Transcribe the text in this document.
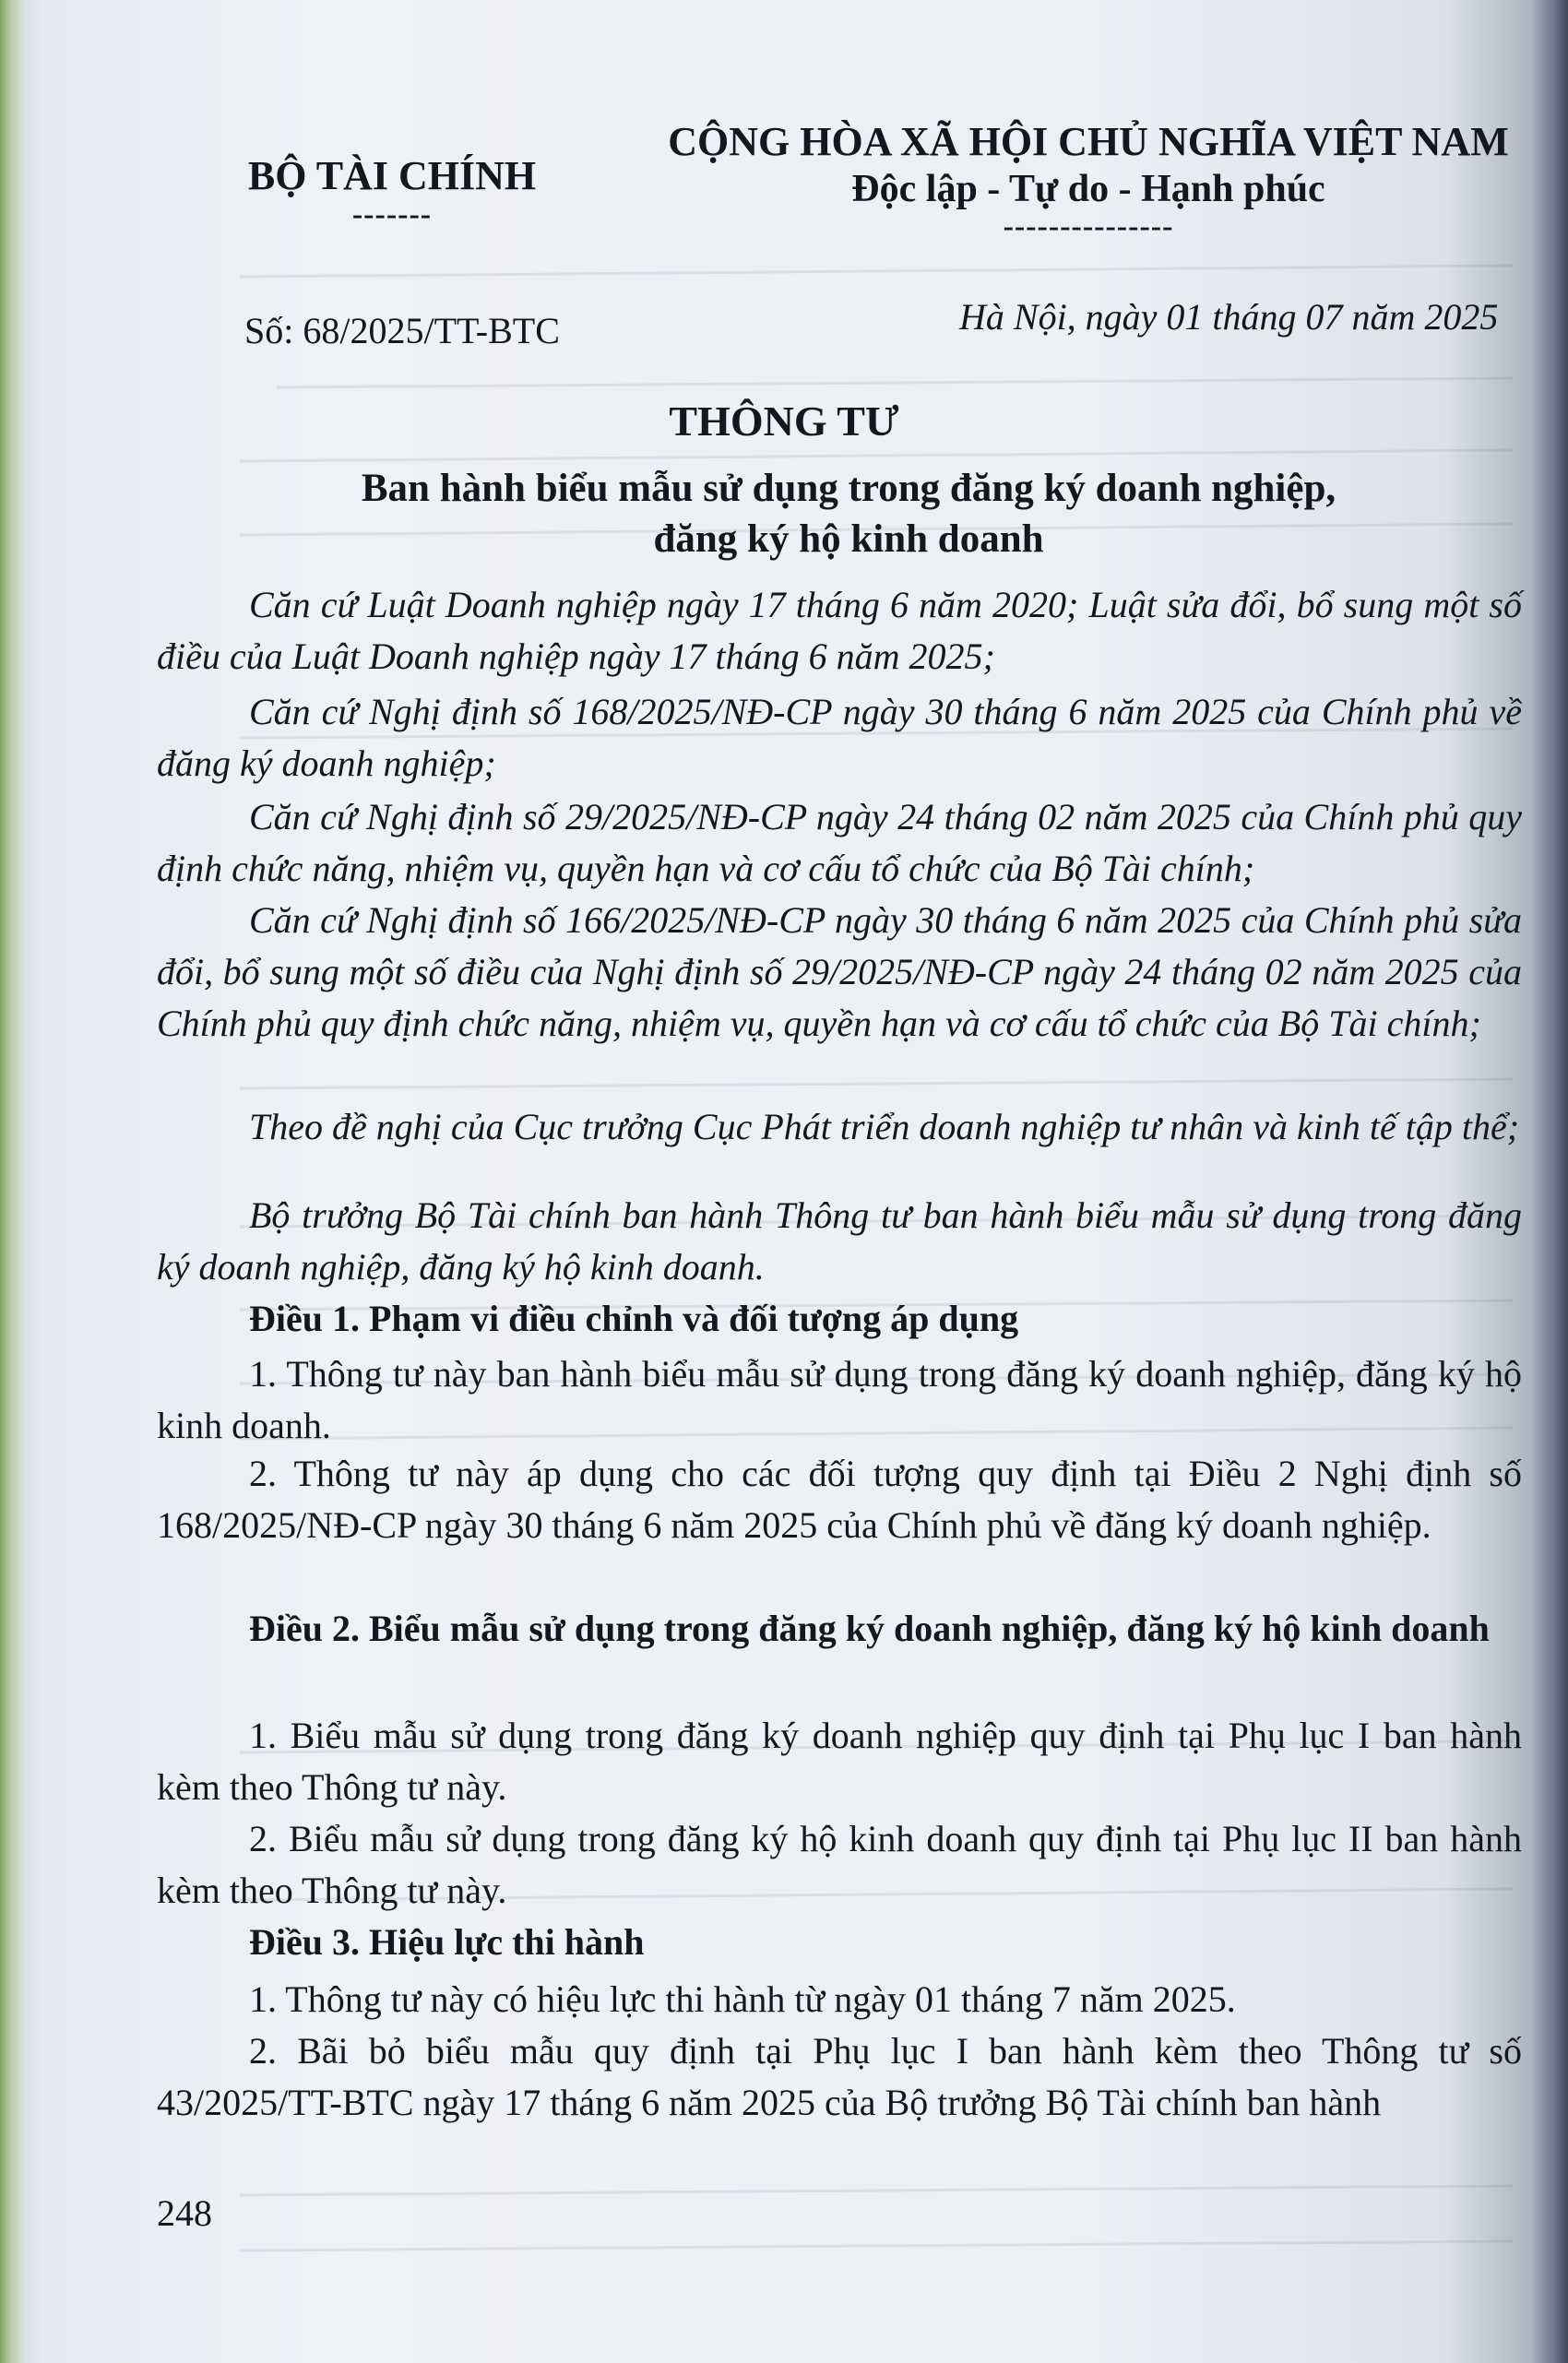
BỘ TÀI CHÍNH
-------
CỘNG HÒA XÃ HỘI CHỦ NGHĨA VIỆT NAM
Độc lập - Tự do - Hạnh phúc
---------------
Số: 68/2025/TT-BTC	Hà Nội, ngày 01 tháng 07 năm 2025
THÔNG TƯ
Ban hành biểu mẫu sử dụng trong đăng ký doanh nghiệp,
đăng ký hộ kinh doanh
Căn cứ Luật Doanh nghiệp ngày 17 tháng 6 năm 2020; Luật sửa đổi, bổ sung một số điều của Luật Doanh nghiệp ngày 17 tháng 6 năm 2025;
Căn cứ Nghị định số 168/2025/NĐ-CP ngày 30 tháng 6 năm 2025 của Chính phủ về đăng ký doanh nghiệp;
Căn cứ Nghị định số 29/2025/NĐ-CP ngày 24 tháng 02 năm 2025 của Chính phủ quy định chức năng, nhiệm vụ, quyền hạn và cơ cấu tổ chức của Bộ Tài chính;
Căn cứ Nghị định số 166/2025/NĐ-CP ngày 30 tháng 6 năm 2025 của Chính phủ sửa đổi, bổ sung một số điều của Nghị định số 29/2025/NĐ-CP ngày 24 tháng 02 năm 2025 của Chính phủ quy định chức năng, nhiệm vụ, quyền hạn và cơ cấu tổ chức của Bộ Tài chính;
Theo đề nghị của Cục trưởng Cục Phát triển doanh nghiệp tư nhân và kinh tế tập thể;
Bộ trưởng Bộ Tài chính ban hành Thông tư ban hành biểu mẫu sử dụng trong đăng ký doanh nghiệp, đăng ký hộ kinh doanh.
Điều 1. Phạm vi điều chỉnh và đối tượng áp dụng
1. Thông tư này ban hành biểu mẫu sử dụng trong đăng ký doanh nghiệp, đăng ký hộ kinh doanh.
2. Thông tư này áp dụng cho các đối tượng quy định tại Điều 2 Nghị định số 168/2025/NĐ-CP ngày 30 tháng 6 năm 2025 của Chính phủ về đăng ký doanh nghiệp.
Điều 2. Biểu mẫu sử dụng trong đăng ký doanh nghiệp, đăng ký hộ kinh doanh
1. Biểu mẫu sử dụng trong đăng ký doanh nghiệp quy định tại Phụ lục I ban hành kèm theo Thông tư này.
2. Biểu mẫu sử dụng trong đăng ký hộ kinh doanh quy định tại Phụ lục II ban hành kèm theo Thông tư này.
Điều 3. Hiệu lực thi hành
1. Thông tư này có hiệu lực thi hành từ ngày 01 tháng 7 năm 2025.
2. Bãi bỏ biểu mẫu quy định tại Phụ lục I ban hành kèm theo Thông tư số 43/2025/TT-BTC ngày 17 tháng 6 năm 2025 của Bộ trưởng Bộ Tài chính ban hành
248
